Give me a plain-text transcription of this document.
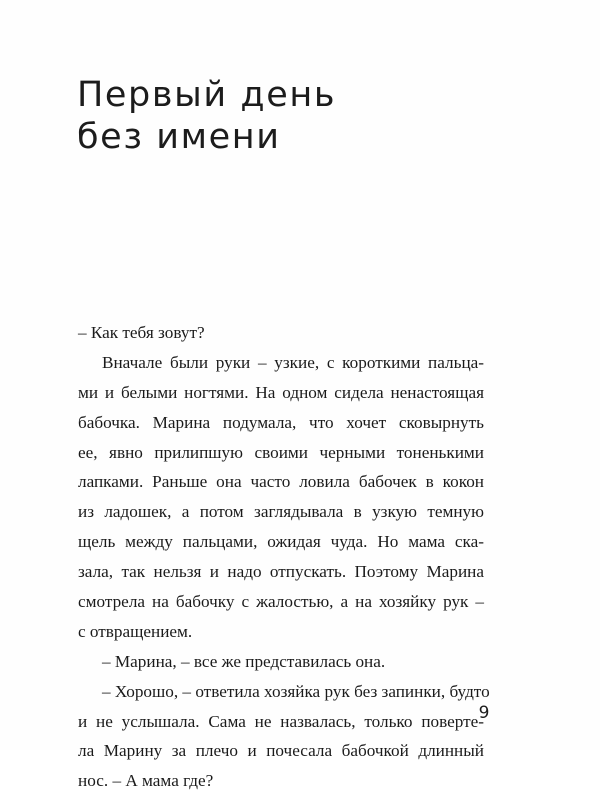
Первый день
без имени
– Как тебя зовут?
Вначале были руки – узкие, с короткими пальца-
ми и белыми ногтями. На одном сидела ненастоящая
бабочка. Марина подумала, что хочет сковырнуть
ее, явно прилипшую своими черными тоненькими
лапками. Раньше она часто ловила бабочек в кокон
из ладошек, а потом заглядывала в узкую темную
щель между пальцами, ожидая чуда. Но мама ска-
зала, так нельзя и надо отпускать. Поэтому Марина
смотрела на бабочку с жалостью, а на хозяйку рук –
с отвращением.
– Марина, – все же представилась она.
– Хорошо, – ответила хозяйка рук без запинки, будто
и не услышала. Сама не назвалась, только поверте-
ла Марину за плечо и почесала бабочкой длинный
нос. – А мама где?
9
